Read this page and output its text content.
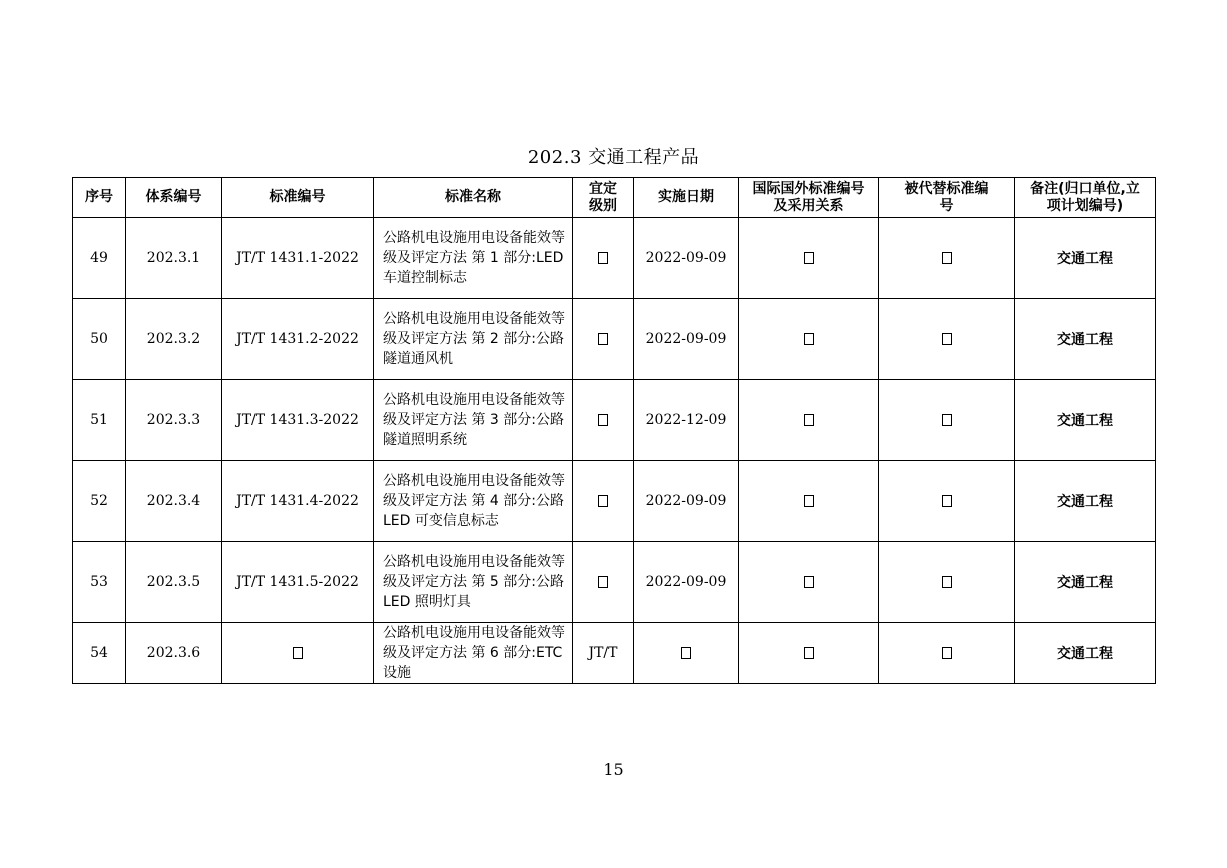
202.3 交通工程产品
序号	体系编号	标准编号	标准名称	宜定级别	实施日期	国际国外标准编号及采用关系	被代替标准编号	备注(归口单位,立项计划编号)
49	202.3.1	JT/T 1431.1-2022	公路机电设施用电设备能效等级及评定方法 第 1 部分:LED 车道控制标志		2022-09-09			交通工程
50	202.3.2	JT/T 1431.2-2022	公路机电设施用电设备能效等级及评定方法 第 2 部分:公路隧道通风机		2022-09-09			交通工程
51	202.3.3	JT/T 1431.3-2022	公路机电设施用电设备能效等级及评定方法 第 3 部分:公路隧道照明系统		2022-12-09			交通工程
52	202.3.4	JT/T 1431.4-2022	公路机电设施用电设备能效等级及评定方法 第 4 部分:公路 LED 可变信息标志		2022-09-09			交通工程
53	202.3.5	JT/T 1431.5-2022	公路机电设施用电设备能效等级及评定方法 第 5 部分:公路 LED 照明灯具		2022-09-09			交通工程
54	202.3.6		公路机电设施用电设备能效等级及评定方法 第 6 部分:ETC 设施	JT/T				交通工程
15
